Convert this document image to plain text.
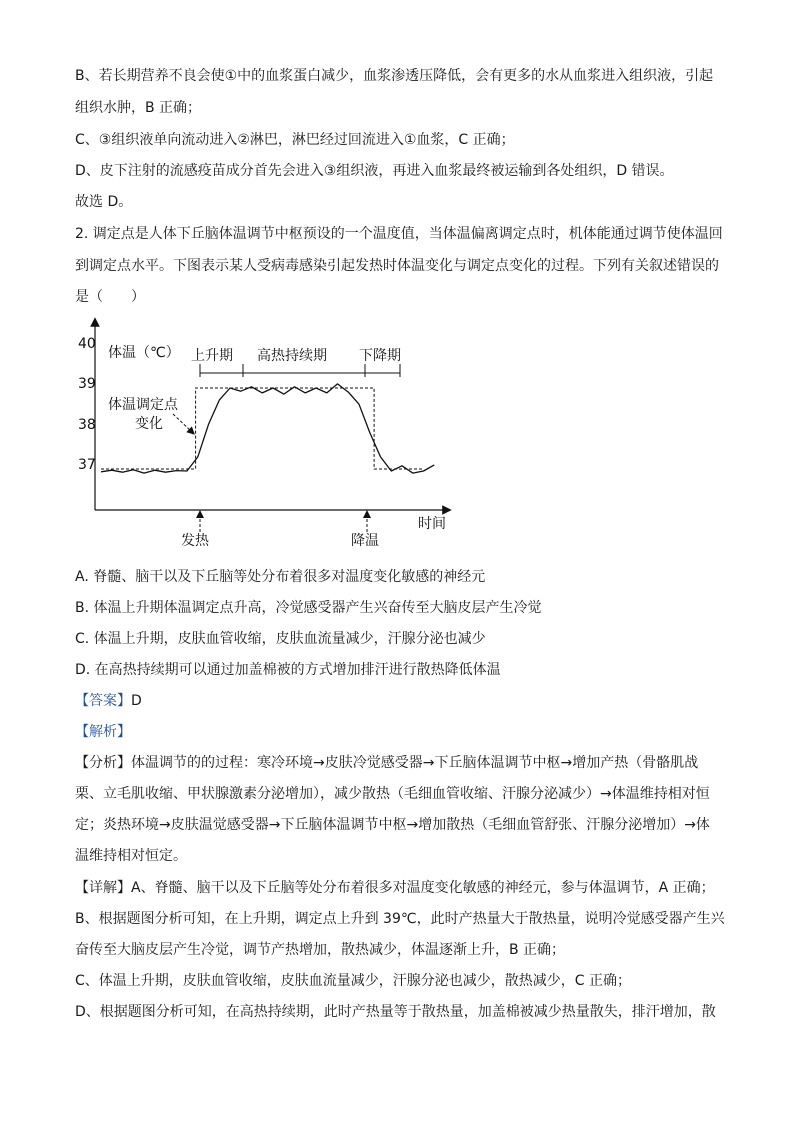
B、若长期营养不良会使①中的血浆蛋白减少，血浆渗透压降低，会有更多的水从血浆进入组织液，引起
组织水肿，B 正确；
C、③组织液单向流动进入②淋巴，淋巴经过回流进入①血浆，C 正确；
D、皮下注射的流感疫苗成分首先会进入③组织液，再进入血浆最终被运输到各处组织，D 错误。
故选 D。
2. 调定点是人体下丘脑体温调节中枢预设的一个温度值，当体温偏离调定点时，机体能通过调节使体温回
到调定点水平。下图表示某人受病毒感染引起发热时体温变化与调定点变化的过程。下列有关叙述错误的
是（　　）
40
39
38
37
体温（℃） 上升期 高热持续期 下降期
体温调定点
变化
发热	降温
时间
A. 脊髓、脑干以及下丘脑等处分布着很多对温度变化敏感的神经元
B. 体温上升期体温调定点升高，冷觉感受器产生兴奋传至大脑皮层产生冷觉
C. 体温上升期，皮肤血管收缩，皮肤血流量减少，汗腺分泌也减少
D. 在高热持续期可以通过加盖棉被的方式增加排汗进行散热降低体温
【答案】D
【解析】
【分析】体温调节的的过程：寒冷环境→皮肤冷觉感受器→下丘脑体温调节中枢→增加产热（骨骼肌战
栗、立毛肌收缩、甲状腺激素分泌增加），减少散热（毛细血管收缩、汗腺分泌减少）→体温维持相对恒
定；炎热环境→皮肤温觉感受器→下丘脑体温调节中枢→增加散热（毛细血管舒张、汗腺分泌增加）→体
温维持相对恒定。
【详解】A、脊髓、脑干以及下丘脑等处分布着很多对温度变化敏感的神经元，参与体温调节，A 正确；
B、根据题图分析可知，在上升期，调定点上升到 39℃，此时产热量大于散热量，说明冷觉感受器产生兴
奋传至大脑皮层产生冷觉，调节产热增加，散热减少，体温逐渐上升，B 正确；
C、体温上升期，皮肤血管收缩，皮肤血流量减少，汗腺分泌也减少，散热减少，C 正确；
D、根据题图分析可知，在高热持续期，此时产热量等于散热量，加盖棉被减少热量散失，排汗增加，散
